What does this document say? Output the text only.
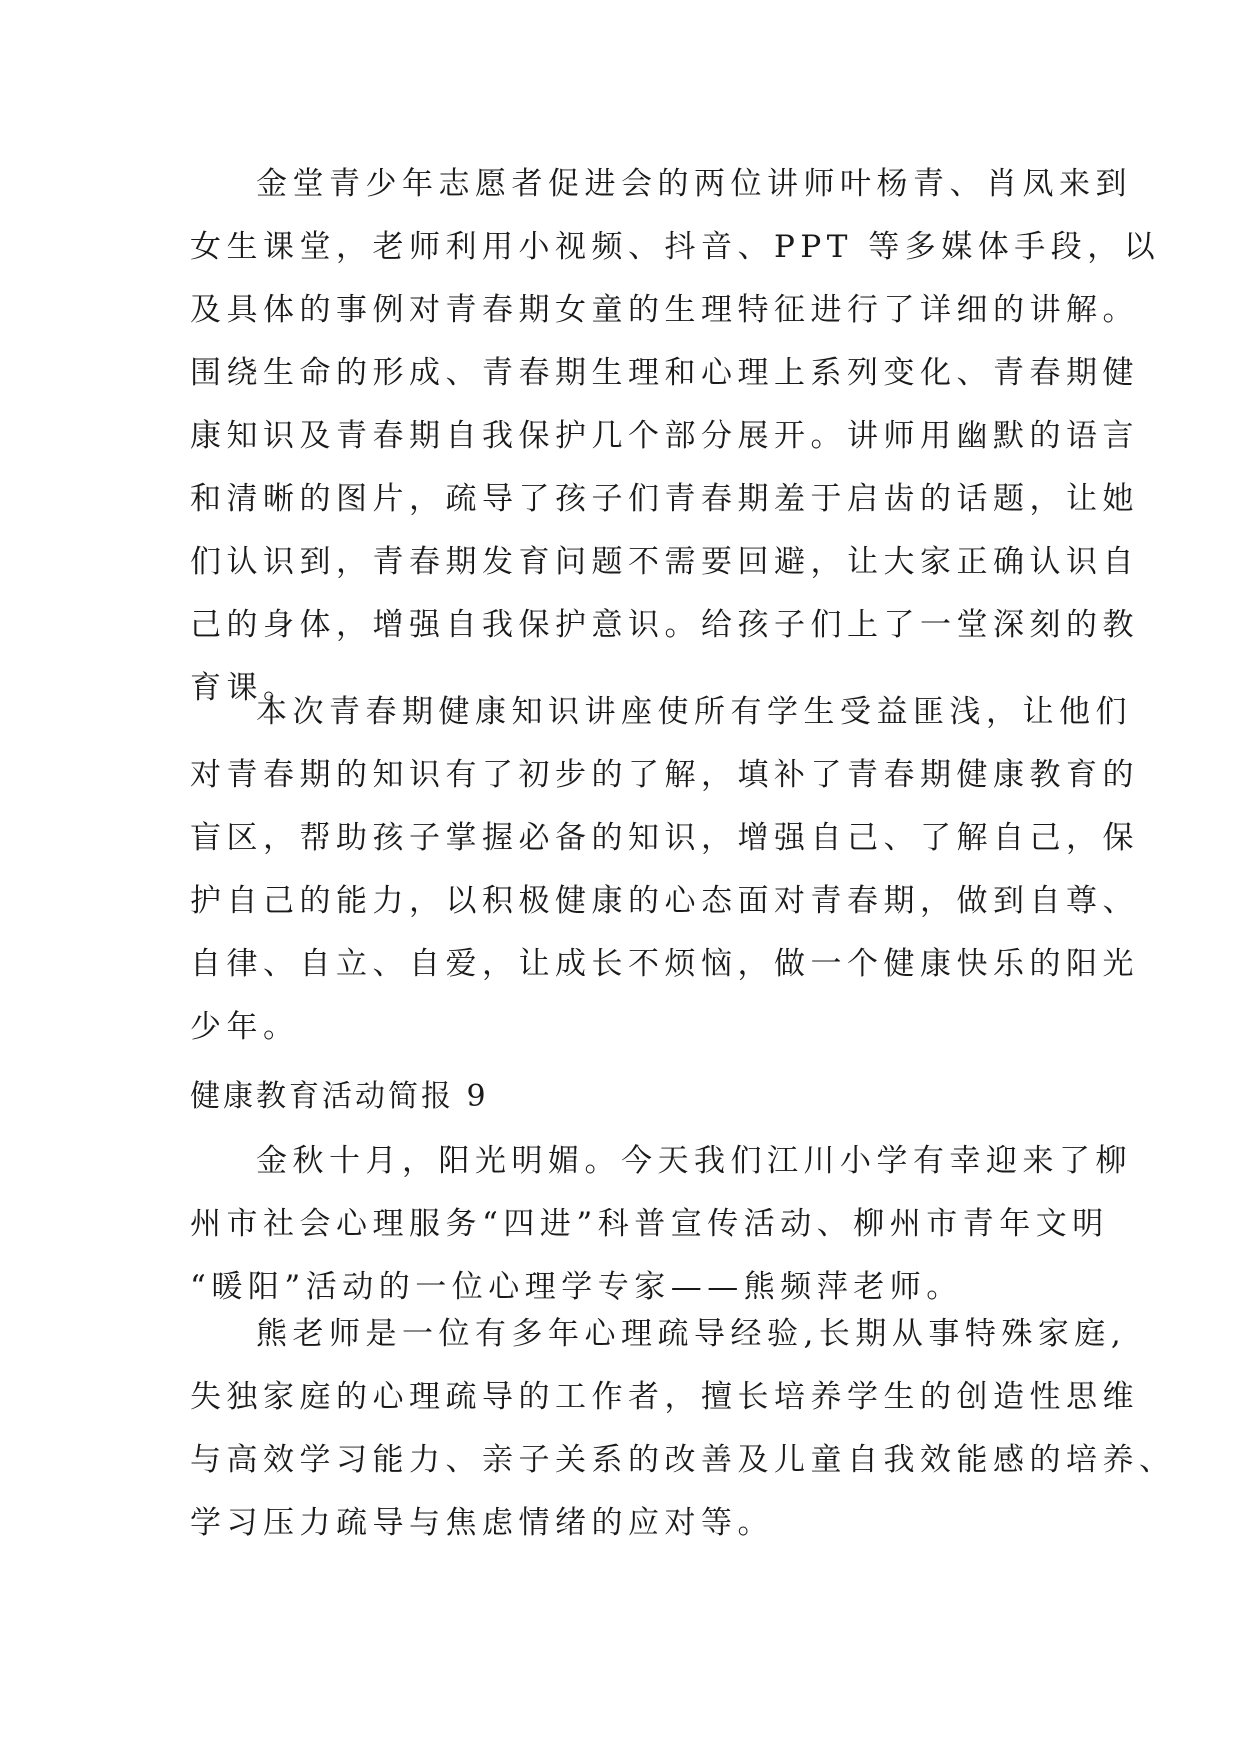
金堂青少年志愿者促进会的两位讲师叶杨青、肖凤来到
女生课堂，老师利用小视频、抖音、PPT 等多媒体手段，以
及具体的事例对青春期女童的生理特征进行了详细的讲解。
围绕生命的形成、青春期生理和心理上系列变化、青春期健
康知识及青春期自我保护几个部分展开。讲师用幽默的语言
和清晰的图片，疏导了孩子们青春期羞于启齿的话题，让她
们认识到，青春期发育问题不需要回避，让大家正确认识自
己的身体，增强自我保护意识。给孩子们上了一堂深刻的教
育课。
本次青春期健康知识讲座使所有学生受益匪浅，让他们
对青春期的知识有了初步的了解，填补了青春期健康教育的
盲区，帮助孩子掌握必备的知识，增强自己、了解自己，保
护自己的能力，以积极健康的心态面对青春期，做到自尊、
自律、自立、自爱，让成长不烦恼，做一个健康快乐的阳光
少年。
健康教育活动简报 9
金秋十月，阳光明媚。今天我们江川小学有幸迎来了柳
州市社会心理服务“四进”科普宣传活动、柳州市青年文明
“暖阳”活动的一位心理学专家——熊频萍老师。
熊老师是一位有多年心理疏导经验,长期从事特殊家庭,
失独家庭的心理疏导的工作者，擅长培养学生的创造性思维
与高效学习能力、亲子关系的改善及儿童自我效能感的培养、
学习压力疏导与焦虑情绪的应对等。
